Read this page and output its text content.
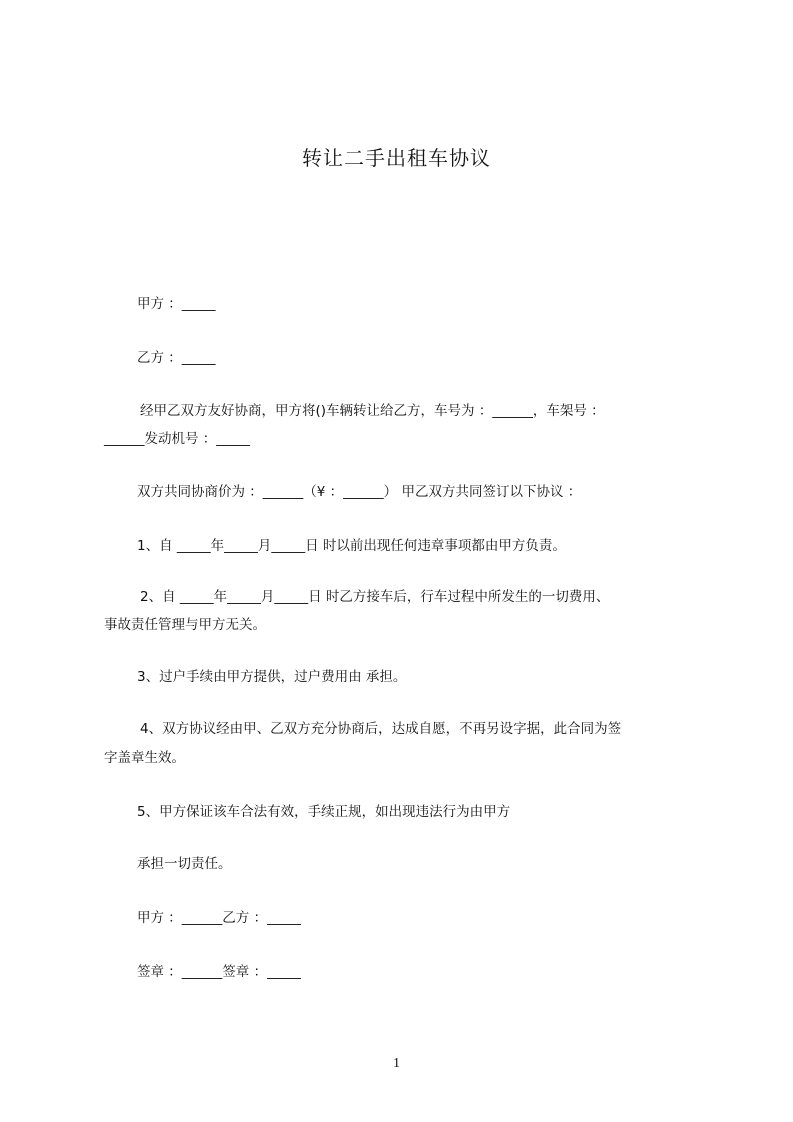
转让二手出租车协议

甲方 ：_____

乙方 ：_____

经甲乙双方友好协商，甲方将()车辆转让给乙方，车号为 ：______，车架号 ：

______发动机号 ：_____

双方共同协商价为 ：______（¥ ：______） 甲乙双方共同签订以下协议 ：

1、自 _____年_____月_____日 时以前出现任何违章事项都由甲方负责。

2、自 _____年_____月_____日 时乙方接车后，行车过程中所发生的一切费用、

事故责任管理与甲方无关。

3、过户手续由甲方提供，过户费用由 承担。

4、双方协议经由甲、乙双方充分协商后，达成自愿，不再另设字据，此合同为签

字盖章生效。

5、甲方保证该车合法有效，手续正规，如出现违法行为由甲方

承担一切责任。

甲方 ：______乙方 ：_____

签章 ：______签章 ：_____

1
